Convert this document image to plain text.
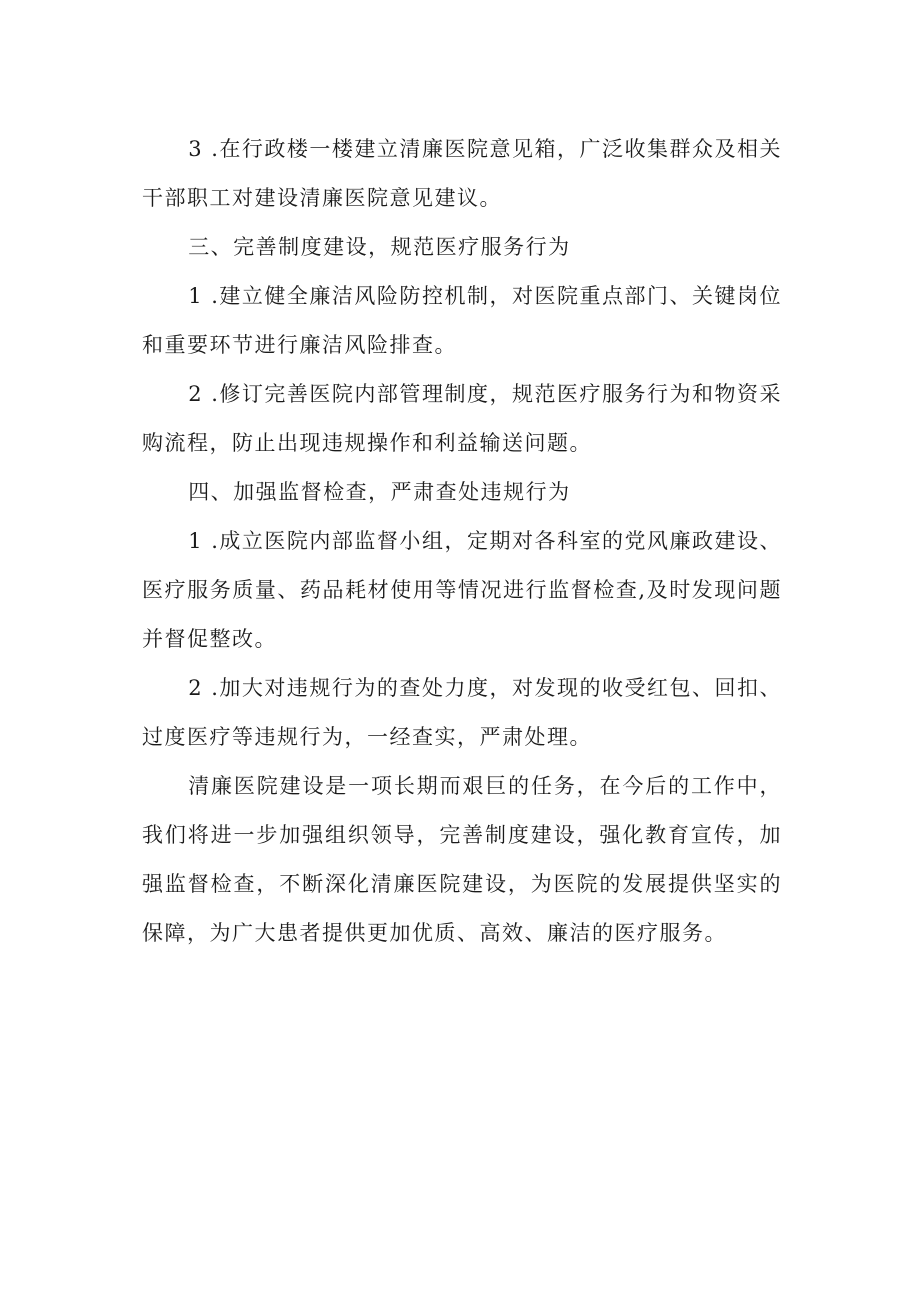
3 .在行政楼一楼建立清廉医院意见箱，广泛收集群众及相关干部职工对建设清廉医院意见建议。

三、完善制度建设，规范医疗服务行为

1 .建立健全廉洁风险防控机制，对医院重点部门、关键岗位和重要环节进行廉洁风险排查。

2 .修订完善医院内部管理制度，规范医疗服务行为和物资采购流程，防止出现违规操作和利益输送问题。

四、加强监督检查，严肃查处违规行为

1 .成立医院内部监督小组，定期对各科室的党风廉政建设、医疗服务质量、药品耗材使用等情况进行监督检查,及时发现问题并督促整改。

2 .加大对违规行为的查处力度，对发现的收受红包、回扣、过度医疗等违规行为，一经查实，严肃处理。

清廉医院建设是一项长期而艰巨的任务，在今后的工作中，我们将进一步加强组织领导，完善制度建设，强化教育宣传，加强监督检查，不断深化清廉医院建设，为医院的发展提供坚实的保障，为广大患者提供更加优质、高效、廉洁的医疗服务。
